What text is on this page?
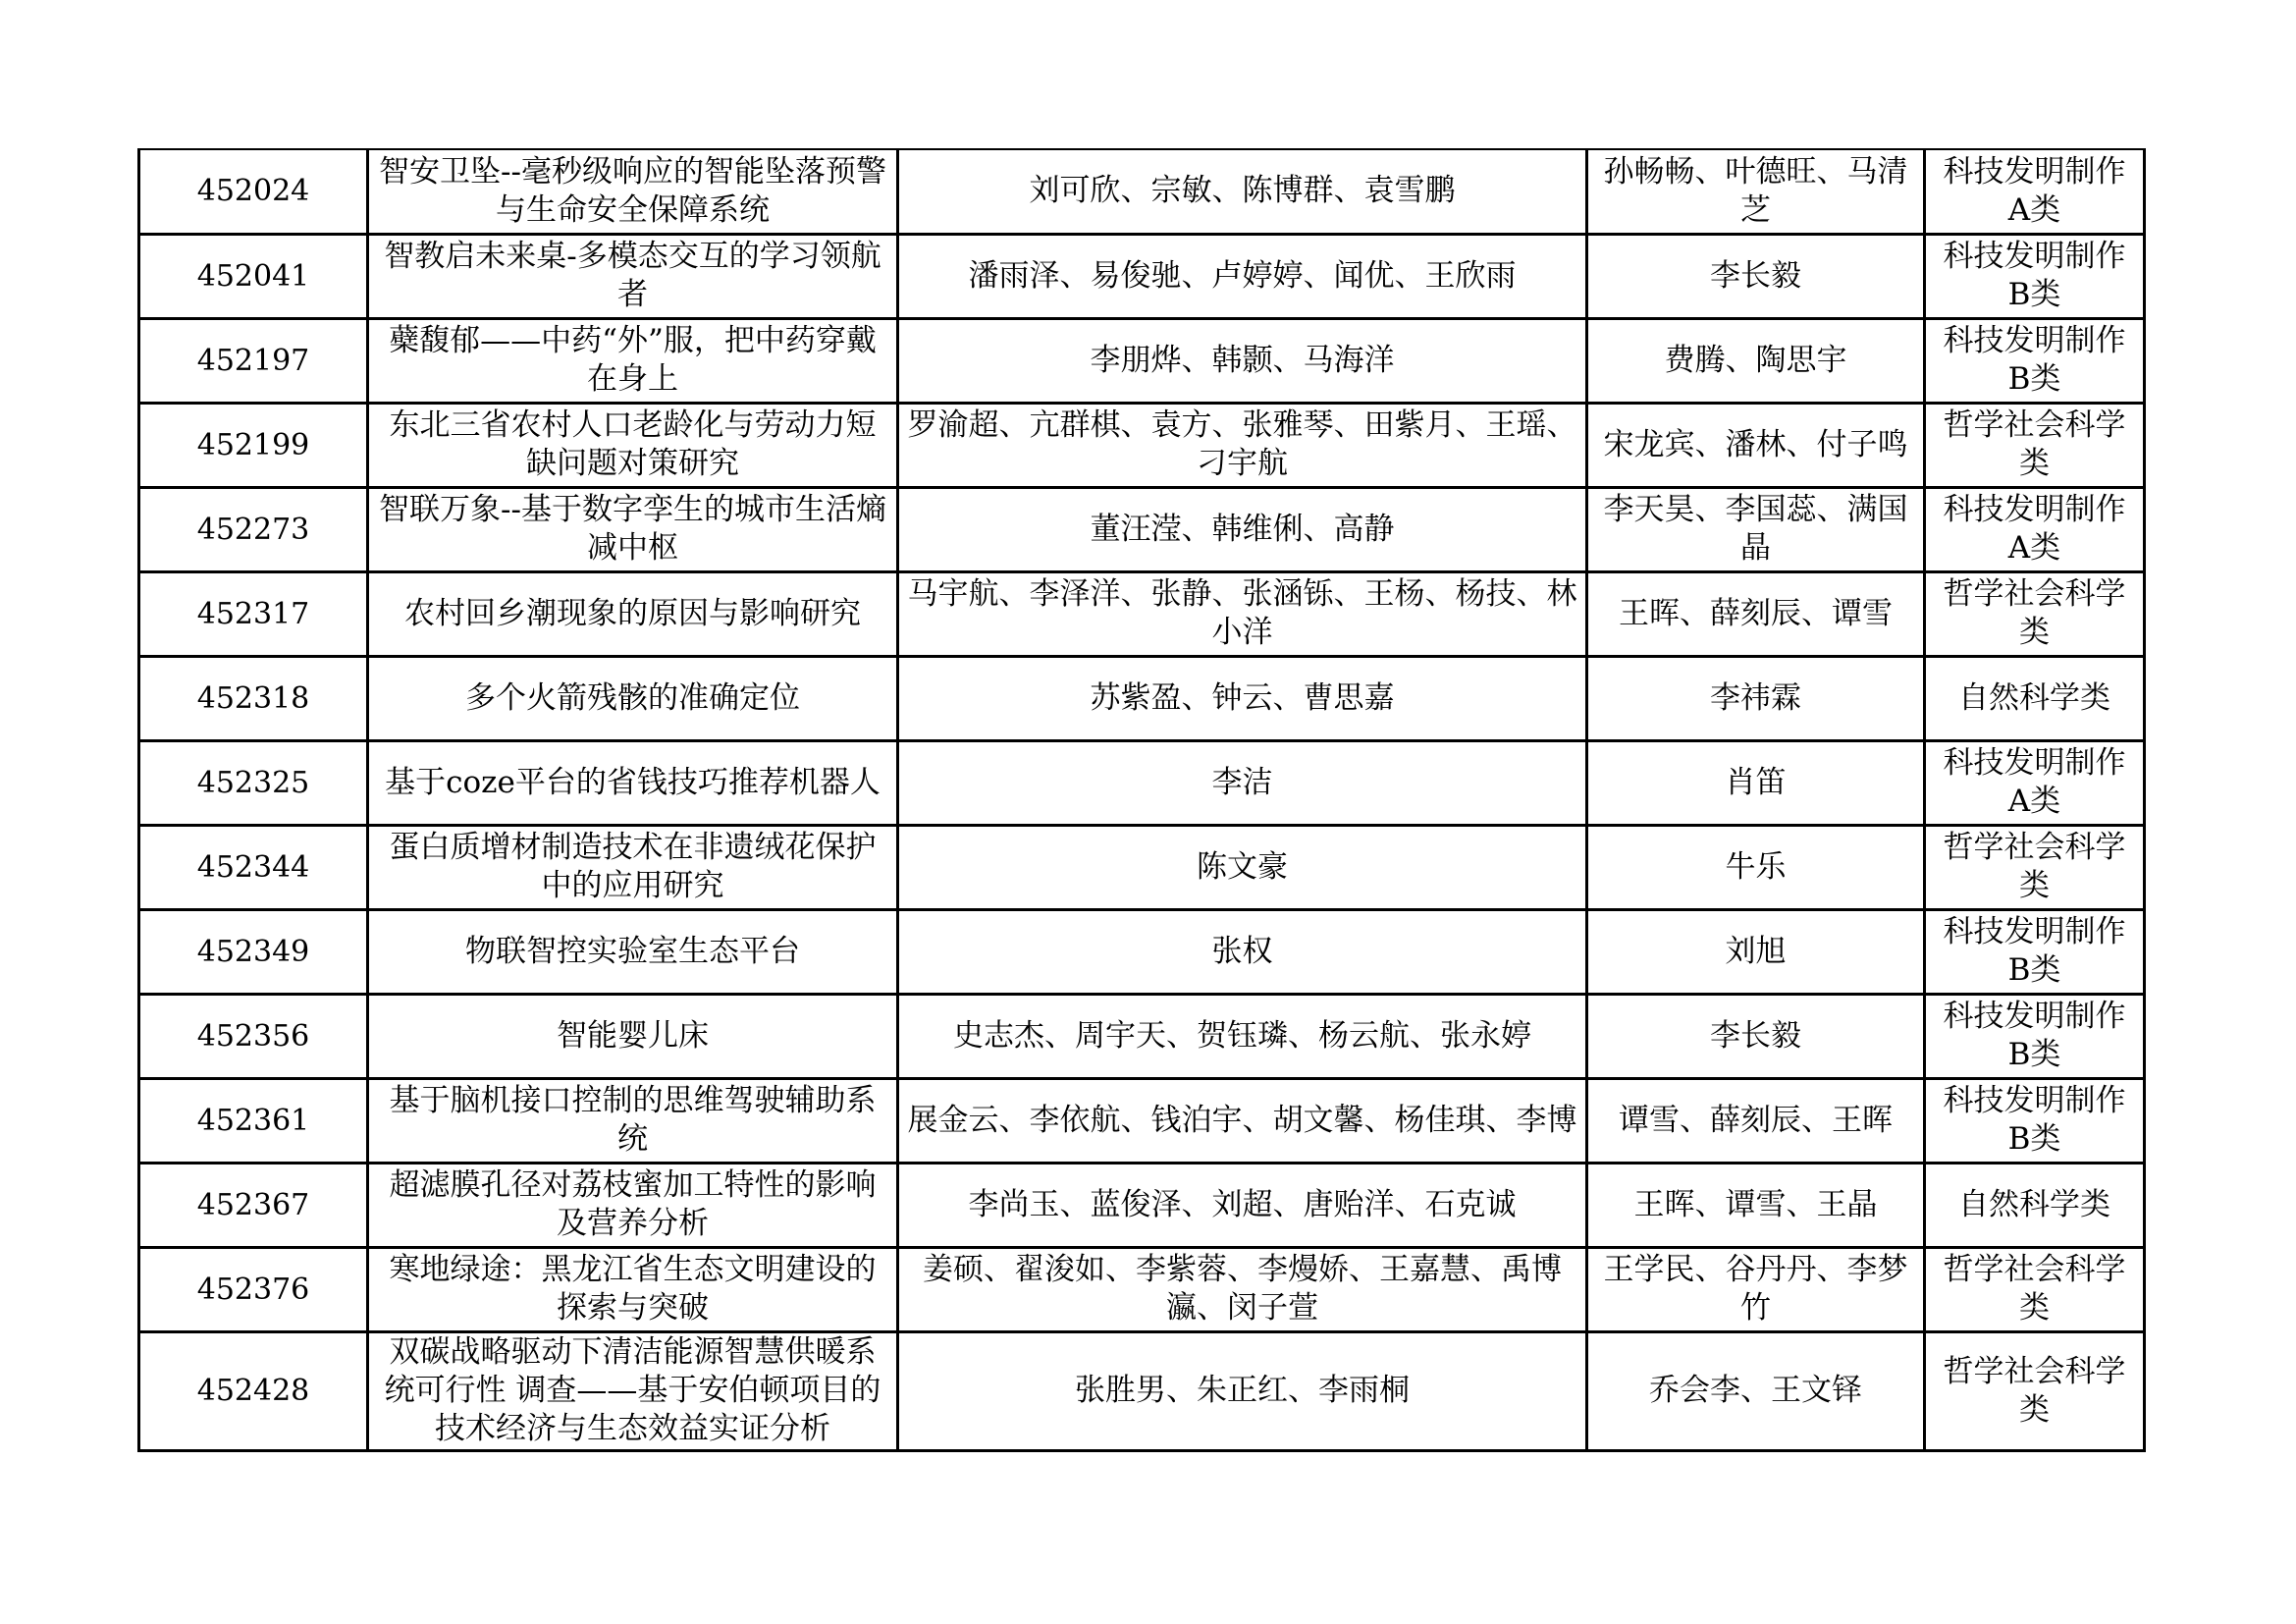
452024	智安卫坠--毫秒级响应的智能坠落预警与生命安全保障系统	刘可欣、宗敏、陈博群、袁雪鹏	孙畅畅、叶德旺、马清芝	科技发明制作A类
452041	智教启未来桌-多模态交互的学习领航者	潘雨泽、易俊驰、卢婷婷、闻优、王欣雨	李长毅	科技发明制作B类
452197	蘗馥郁——中药“外”服，把中药穿戴在身上	李朋烨、韩颢、马海洋	费腾、陶思宇	科技发明制作B类
452199	东北三省农村人口老龄化与劳动力短缺问题对策研究	罗渝超、亢群棋、袁方、张雅琴、田紫月、王瑶、刁宇航	宋龙宾、潘林、付子鸣	哲学社会科学类
452273	智联万象--基于数字孪生的城市生活熵减中枢	董汪滢、韩维俐、高静	李天昊、李国蕊、满国晶	科技发明制作A类
452317	农村回乡潮现象的原因与影响研究	马宇航、李泽洋、张静、张涵铄、王杨、杨技、林小洋	王晖、薛刻辰、谭雪	哲学社会科学类
452318	多个火箭残骸的准确定位	苏紫盈、钟云、曹思嘉	李祎霖	自然科学类
452325	基于coze平台的省钱技巧推荐机器人	李洁	肖笛	科技发明制作A类
452344	蛋白质增材制造技术在非遗绒花保护中的应用研究	陈文豪	牛乐	哲学社会科学类
452349	物联智控实验室生态平台	张权	刘旭	科技发明制作B类
452356	智能婴儿床	史志杰、周宇天、贺钰璘、杨云航、张永婷	李长毅	科技发明制作B类
452361	基于脑机接口控制的思维驾驶辅助系统	展金云、李依航、钱泊宇、胡文馨、杨佳琪、李博	谭雪、薛刻辰、王晖	科技发明制作B类
452367	超滤膜孔径对荔枝蜜加工特性的影响及营养分析	李尚玉、蓝俊泽、刘超、唐贻洋、石克诚	王晖、谭雪、王晶	自然科学类
452376	寒地绿途：黑龙江省生态文明建设的探索与突破	姜硕、翟浚如、李紫蓉、李熳娇、王嘉慧、禹博瀛、闵子萱	王学民、谷丹丹、李梦竹	哲学社会科学类
452428	双碳战略驱动下清洁能源智慧供暖系统可行性 调查——基于安伯顿项目的技术经济与生态效益实证分析	张胜男、朱正红、李雨桐	乔会李、王文铎	哲学社会科学类
